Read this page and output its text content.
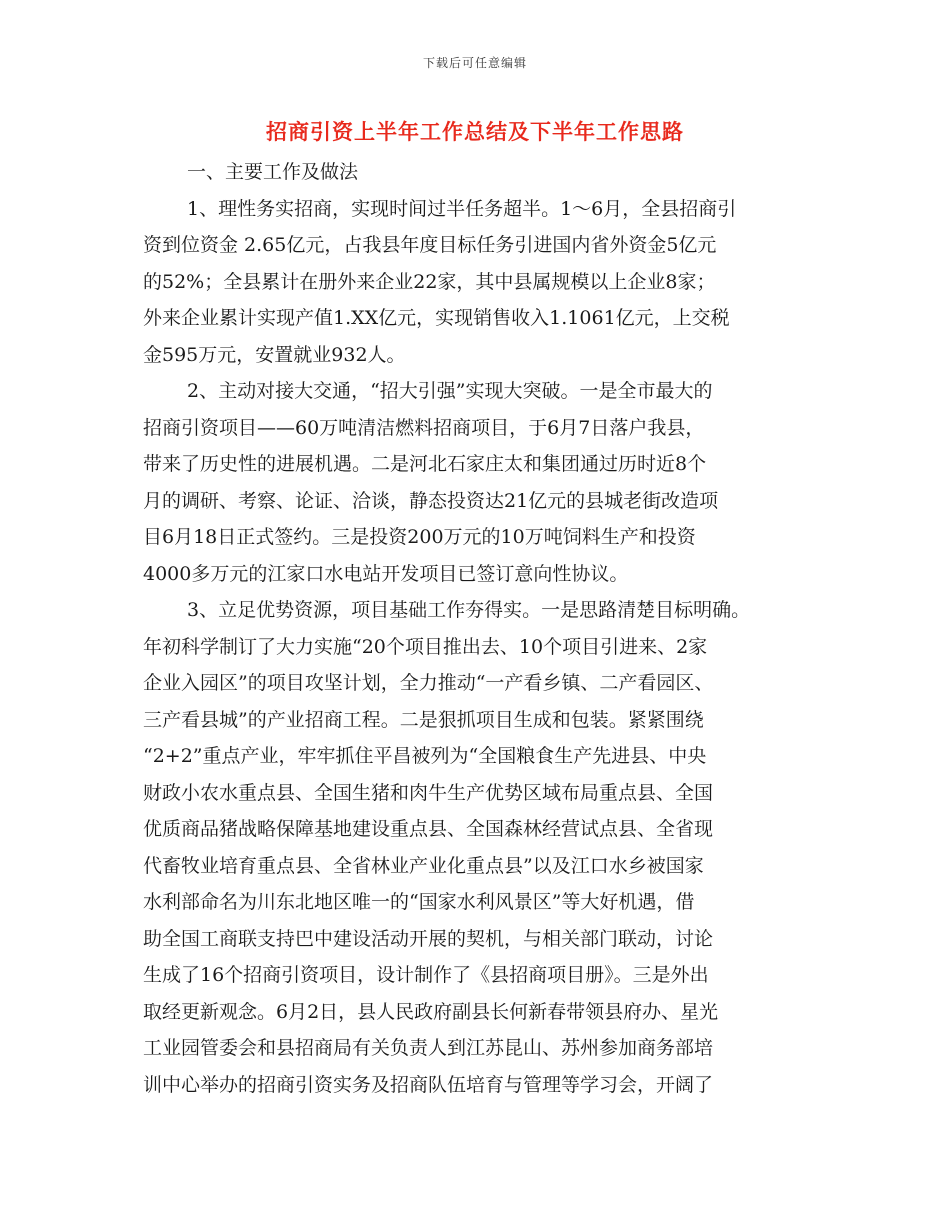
下载后可任意编辑
招商引资上半年工作总结及下半年工作思路
一、主要工作及做法
1、理性务实招商，实现时间过半任务超半。1～6月，全县招商引
资到位资金 2.65亿元，占我县年度目标任务引进国内省外资金5亿元
的52%；全县累计在册外来企业22家，其中县属规模以上企业8家；
外来企业累计实现产值1.XX亿元，实现销售收入1.1061亿元，上交税
金595万元，安置就业932人。
2、主动对接大交通，“招大引强”实现大突破。一是全市最大的
招商引资项目——60万吨清洁燃料招商项目，于6月7日落户我县，
带来了历史性的进展机遇。二是河北石家庄太和集团通过历时近8个
月的调研、考察、论证、洽谈，静态投资达21亿元的县城老街改造项
目6月18日正式签约。三是投资200万元的10万吨饲料生产和投资
4000多万元的江家口水电站开发项目已签订意向性协议。
3、立足优势资源，项目基础工作夯得实。一是思路清楚目标明确。
年初科学制订了大力实施“20个项目推出去、10个项目引进来、2家
企业入园区”的项目攻坚计划，全力推动“一产看乡镇、二产看园区、
三产看县城”的产业招商工程。二是狠抓项目生成和包装。紧紧围绕
“2+2”重点产业，牢牢抓住平昌被列为“全国粮食生产先进县、中央
财政小农水重点县、全国生猪和肉牛生产优势区域布局重点县、全国
优质商品猪战略保障基地建设重点县、全国森林经营试点县、全省现
代畜牧业培育重点县、全省林业产业化重点县”以及江口水乡被国家
水利部命名为川东北地区唯一的“国家水利风景区”等大好机遇，借
助全国工商联支持巴中建设活动开展的契机，与相关部门联动，讨论
生成了16个招商引资项目，设计制作了《县招商项目册》。三是外出
取经更新观念。6月2日，县人民政府副县长何新春带领县府办、星光
工业园管委会和县招商局有关负责人到江苏昆山、苏州参加商务部培
训中心举办的招商引资实务及招商队伍培育与管理等学习会，开阔了
